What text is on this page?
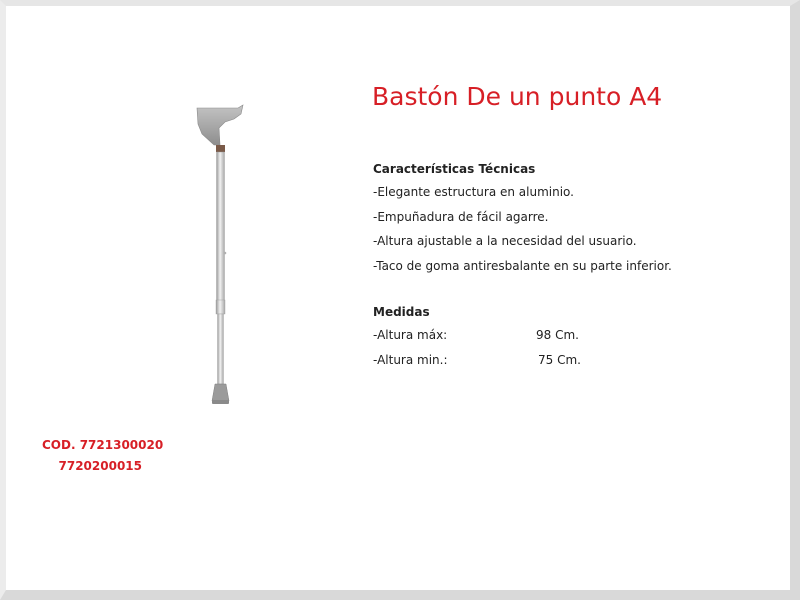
Bastón De un punto A4
Características Técnicas
-Elegante estructura en aluminio.
-Empuñadura de fácil agarre.
-Altura ajustable a la necesidad del usuario.
-Taco de goma antiresbalante en su parte inferior.
Medidas
-Altura máx:	98 Cm.
-Altura min.:	75 Cm.
COD. 7721300020
7720200015
